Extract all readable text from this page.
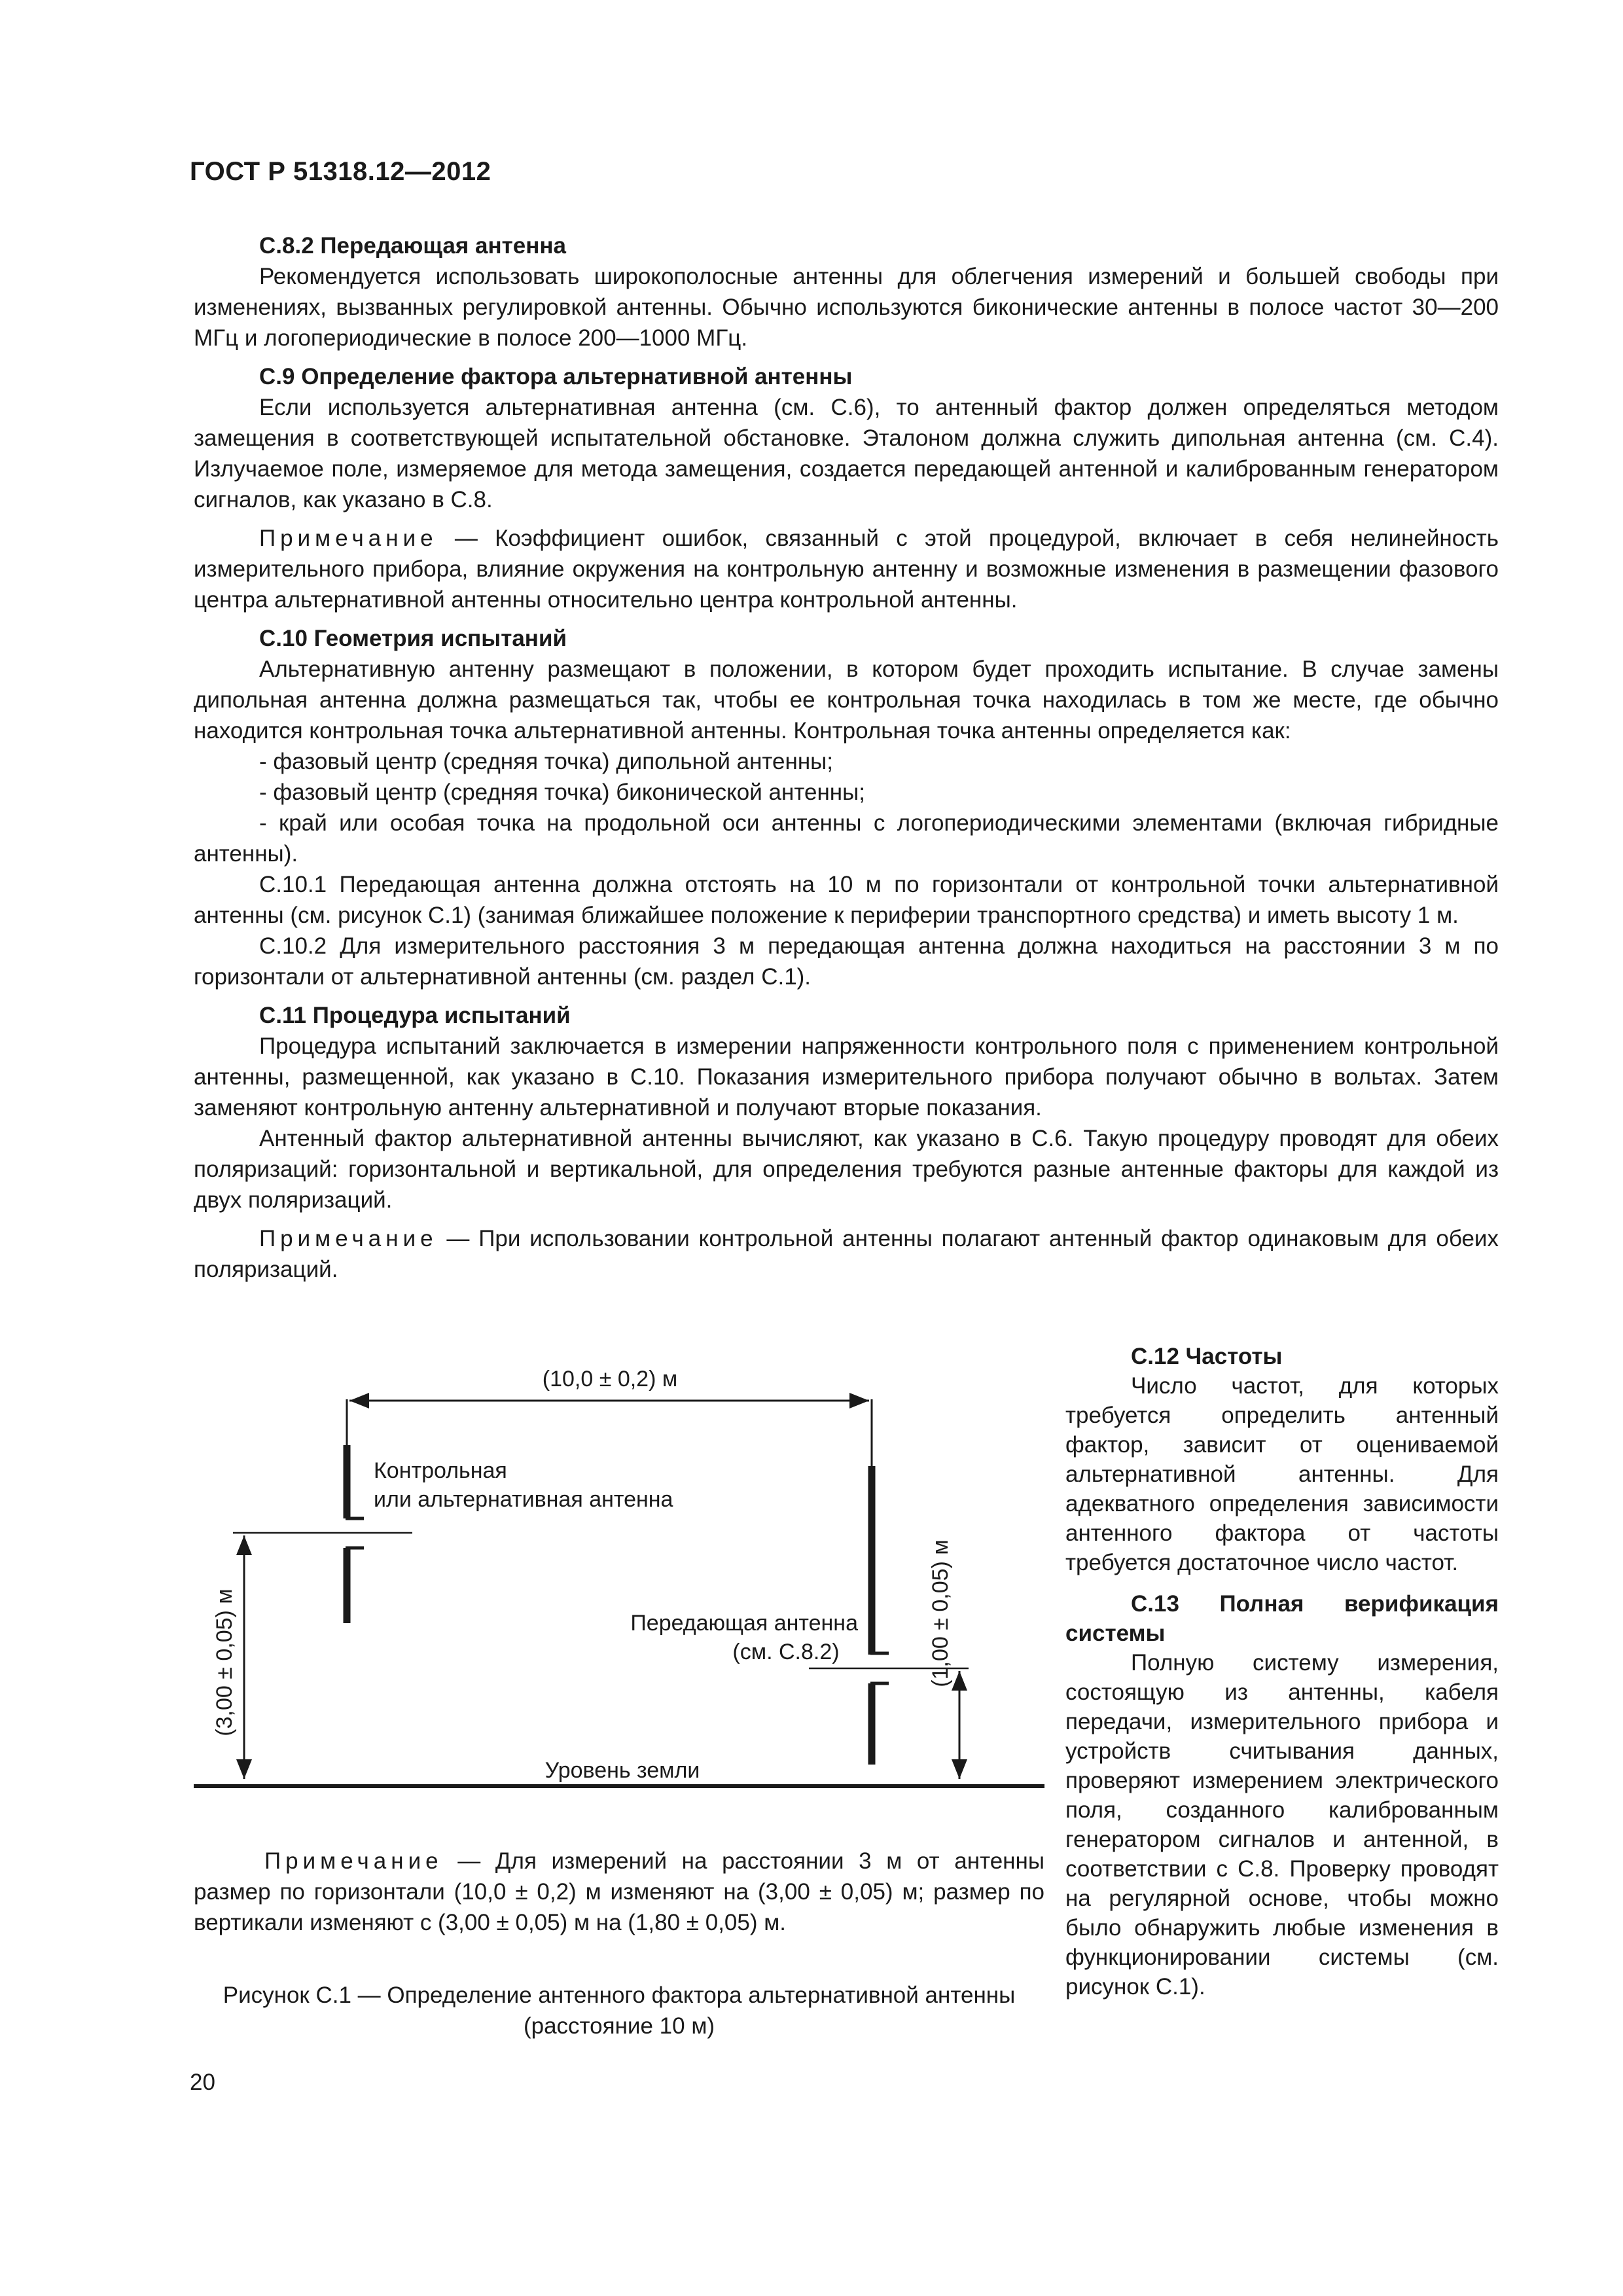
ГОСТ Р 51318.12—2012
С.8.2 Передающая антенна

Рекомендуется использовать широкополосные антенны для облегчения измерений и большей свободы при изменениях, вызванных регулировкой антенны. Обычно используются биконические антенны в полосе частот 30—200 МГц и логопериодические в полосе 200—1000 МГц.

С.9 Определение фактора альтернативной антенны

Если используется альтернативная антенна (см. С.6), то антенный фактор должен определяться методом замещения в соответствующей испытательной обстановке. Эталоном должна служить дипольная антенна (см. С.4). Излучаемое поле, измеряемое для метода замещения, создается передающей антенной и калиброванным генератором сигналов, как указано в С.8.

Примечание — Коэффициент ошибок, связанный с этой процедурой, включает в себя нелинейность измерительного прибора, влияние окружения на контрольную антенну и возможные изменения в размещении фазового центра альтернативной антенны относительно центра контрольной антенны.

С.10 Геометрия испытаний

Альтернативную антенну размещают в положении, в котором будет проходить испытание. В случае замены дипольная антенна должна размещаться так, чтобы ее контрольная точка находилась в том же месте, где обычно находится контрольная точка альтернативной антенны. Контрольная точка антенны определяется как:

- фазовый центр (средняя точка) дипольной антенны;

- фазовый центр (средняя точка) биконической антенны;

- край или особая точка на продольной оси антенны с логопериодическими элементами (включая гибридные антенны).

С.10.1 Передающая антенна должна отстоять на 10 м по горизонтали от контрольной точки альтернативной антенны (см. рисунок С.1) (занимая ближайшее положение к периферии транспортного средства) и иметь высоту 1 м.

С.10.2 Для измерительного расстояния 3 м передающая антенна должна находиться на расстоянии 3 м по горизонтали от альтернативной антенны (см. раздел С.1).

С.11 Процедура испытаний

Процедура испытаний заключается в измерении напряженности контрольного поля с применением контрольной антенны, размещенной, как указано в С.10. Показания измерительного прибора получают обычно в вольтах. Затем заменяют контрольную антенну альтернативной и получают вторые показания.

Антенный фактор альтернативной антенны вычисляют, как указано в С.6. Такую процедуру проводят для обеих поляризаций: горизонтальной и вертикальной, для определения требуются разные антенные факторы для каждой из двух поляризаций.

Примечание — При использовании контрольной антенны полагают антенный фактор одинаковым для обеих поляризаций.

(10,0 ± 0,2) м
Контрольная
или альтернативная антенна
Передающая антенна
(см. С.8.2)
(3,00 ± 0,05) м	(1,00 ± 0,05) м
Уровень земли

Примечание — Для измерений на расстоянии 3 м от антенны размер по горизонтали (10,0 ± 0,2) м изменяют на (3,00 ± 0,05) м; размер по вертикали изменяют с (3,00 ± 0,05) м на (1,80 ± 0,05) м.

Рисунок С.1 — Определение антенного фактора альтернативной антенны (расстояние 10 м)
С.12 Частоты

Число частот, для которых требуется определить антенный фактор, зависит от оцениваемой альтернативной антенны. Для адекватного определения зависимости антенного фактора от частоты требуется достаточное число частот.

С.13 Полная верификация системы

Полную систему измерения, состоящую из антенны, кабеля передачи, измерительного прибора и устройств считывания данных, проверяют измерением электрического поля, созданного калиброванным генератором сигналов и антенной, в соответствии с С.8. Проверку проводят на регулярной основе, чтобы можно было обнаружить любые изменения в функционировании системы (см. рисунок С.1).

20
